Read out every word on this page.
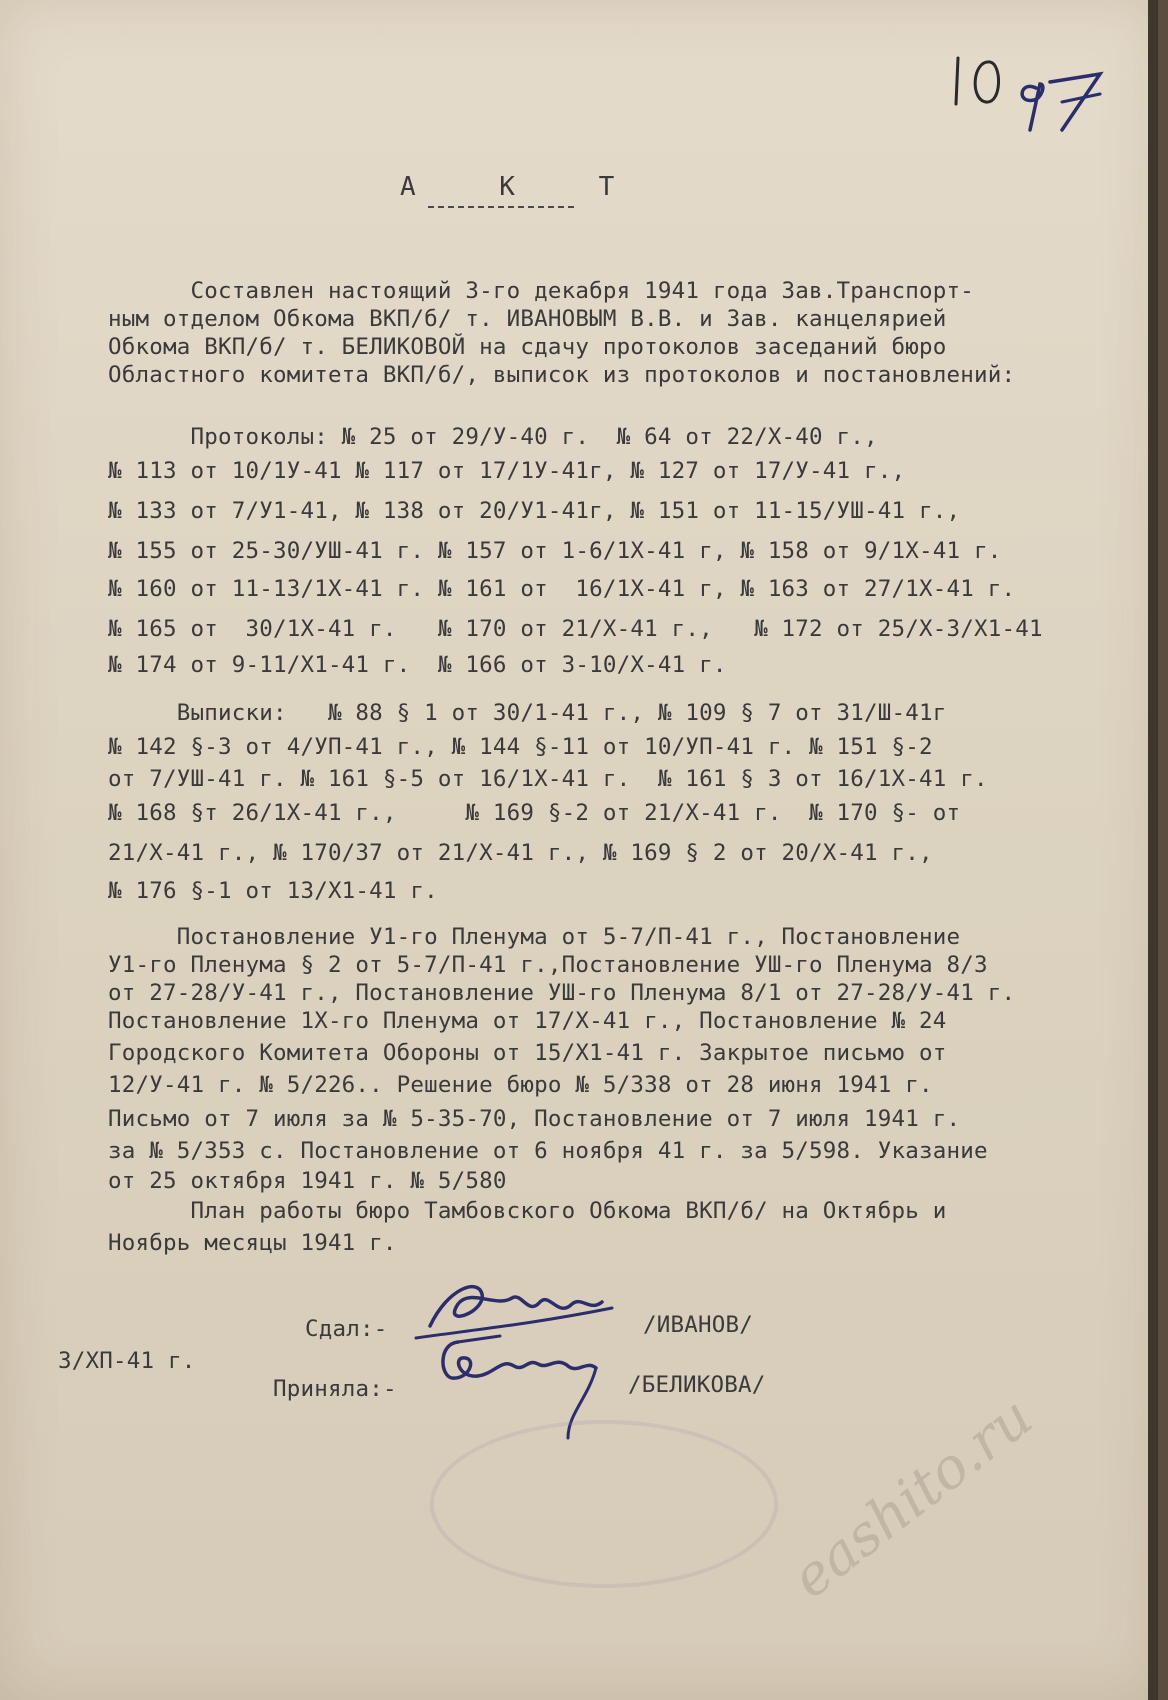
А К Т

Составлен настоящий 3-го декабря 1941 года Зав.Транспорт-

ным отделом Обкома ВКП/б/ т. ИВАНОВЫМ В.В. и Зав. канцелярией

Обкома ВКП/б/ т. БЕЛИКОВОЙ на сдачу протоколов заседаний бюро

Областного комитета ВКП/б/, выписок из протоколов и постановлений:

Протоколы: № 25 от 29/У-40 г.  № 64 от 22/Х-40 г.,

№ 113 от 10/1У-41 № 117 от 17/1У-41г, № 127 от 17/У-41 г.,

№ 133 от 7/У1-41, № 138 от 20/У1-41г, № 151 от 11-15/УШ-41 г.,

№ 155 от 25-30/УШ-41 г. № 157 от 1-6/1Х-41 г, № 158 от 9/1Х-41 г.

№ 160 от 11-13/1Х-41 г. № 161 от  16/1Х-41 г, № 163 от 27/1Х-41 г.

№ 165 от  30/1Х-41 г.   № 170 от 21/Х-41 г.,   № 172 от 25/Х-3/Х1-41

№ 174 от 9-11/Х1-41 г.  № 166 от 3-10/Х-41 г.

Выписки:   № 88 § 1 от 30/1-41 г., № 109 § 7 от 31/Ш-41г

№ 142 §-3 от 4/УП-41 г., № 144 §-11 от 10/УП-41 г. № 151 §-2

от 7/УШ-41 г. № 161 §-5 от 16/1Х-41 г.  № 161 § 3 от 16/1Х-41 г.

№ 168 §т 26/1Х-41 г.,     № 169 §-2 от 21/Х-41 г.  № 170 §- от

21/Х-41 г., № 170/37 от 21/Х-41 г., № 169 § 2 от 20/Х-41 г.,

№ 176 §-1 от 13/Х1-41 г.

Постановление У1-го Пленума от 5-7/П-41 г., Постановление

У1-го Пленума § 2 от 5-7/П-41 г.,Постановление УШ-го Пленума 8/3

от 27-28/У-41 г., Постановление УШ-го Пленума 8/1 от 27-28/У-41 г.

Постановление 1Х-го Пленума от 17/Х-41 г., Постановление № 24

Городского Комитета Обороны от 15/Х1-41 г. Закрытое письмо от

12/У-41 г. № 5/226.. Решение бюро № 5/338 от 28 июня 1941 г.

Письмо от 7 июля за № 5-35-70, Постановление от 7 июля 1941 г.

за № 5/353 с. Постановление от 6 ноября 41 г. за 5/598. Указание

от 25 октября 1941 г. № 5/580

План работы бюро Тамбовского Обкома ВКП/б/ на Октябрь и

Ноябрь месяцы 1941 г.

3/ХП-41 г.

Сдал:-	/ИВАНОВ/

Приняла:-	/БЕЛИКОВА/ eashito.ru
